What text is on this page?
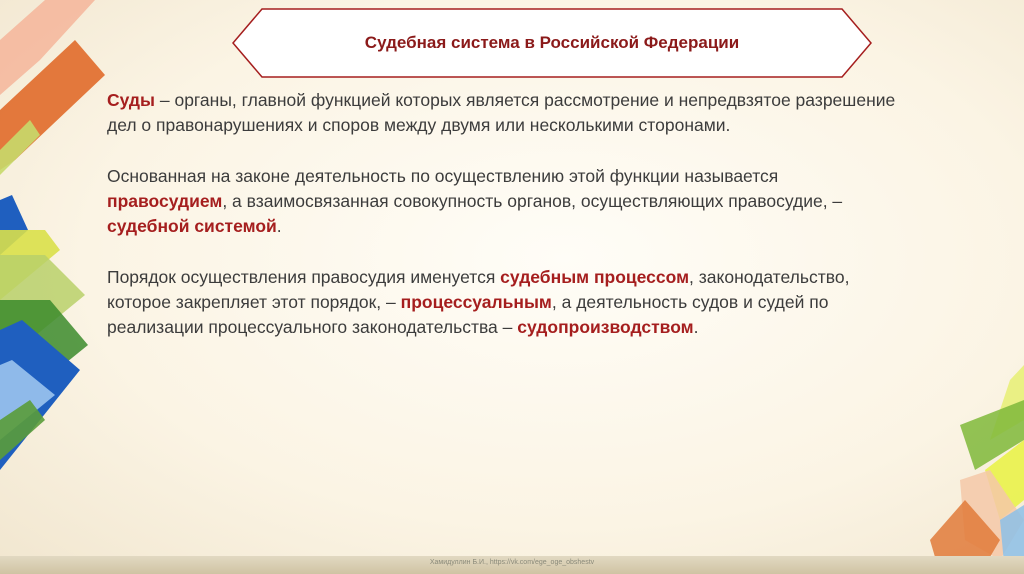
Судебная система в Российской Федерации

Суды – органы, главной функцией которых является рассмотрение и непредвзятое разрешение дел о правонарушениях и споров между двумя или несколькими сторонами.

Основанная на законе деятельность по осуществлению этой функции называется правосудием, а взаимосвязанная совокупность органов, осуществляющих правосудие, – судебной системой.

Порядок осуществления правосудия именуется судебным процессом, законодательство, которое закрепляет этот порядок, – процессуальным, а деятельность судов и судей по реализации процессуального законодательства – судопроизводством.

Хамидуллин Б.И., https://vk.com/ege_oge_obshestv
